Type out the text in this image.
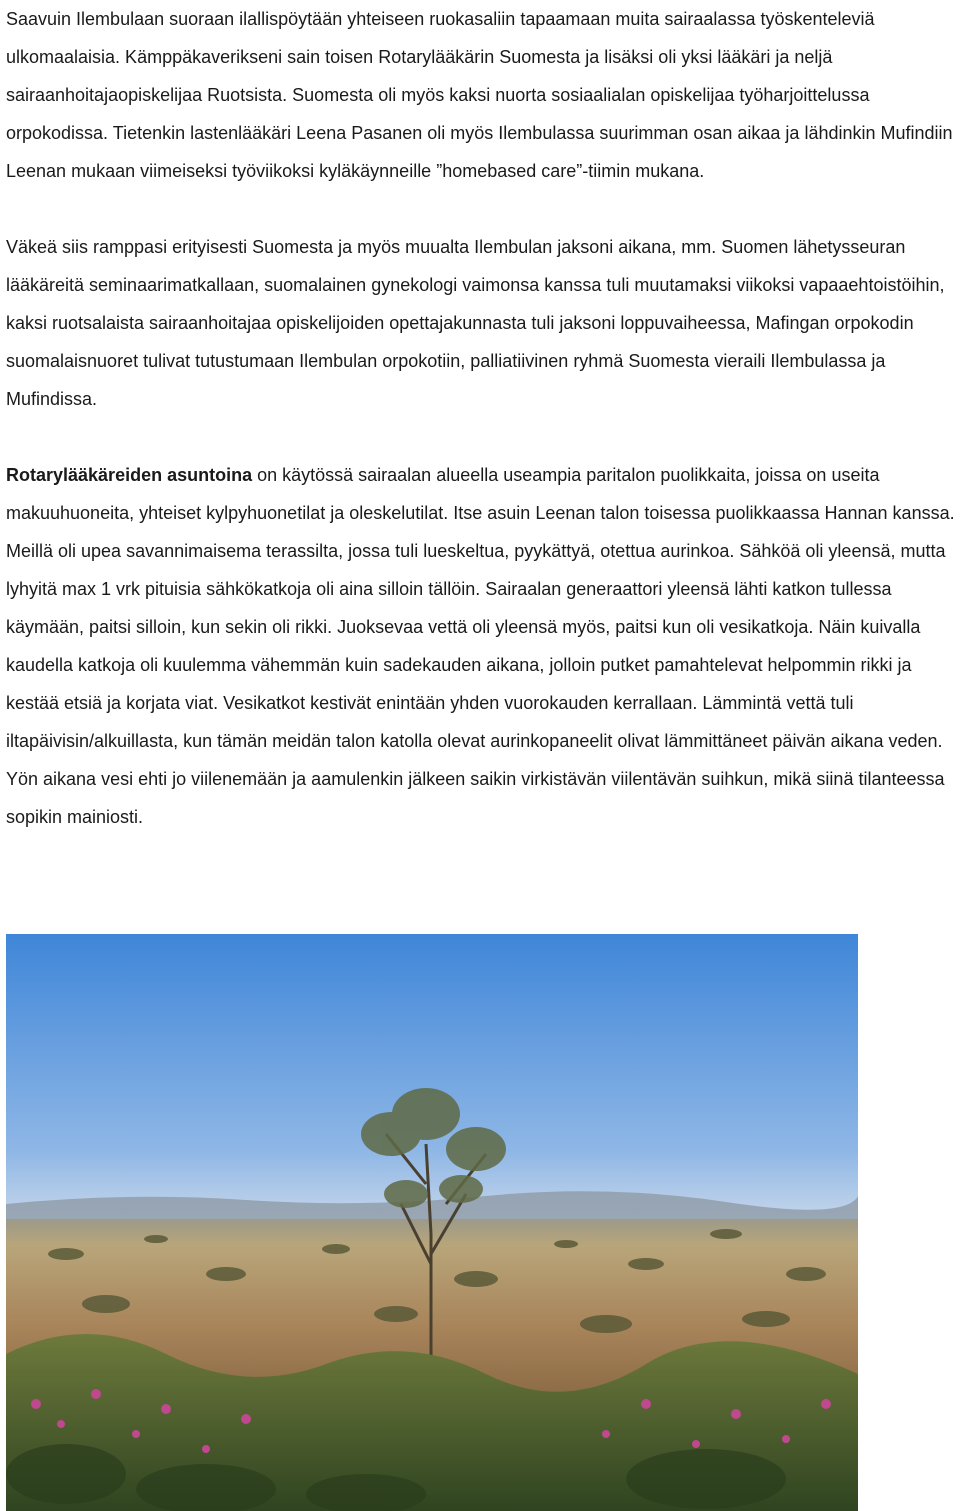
Saavuin Ilembulaan suoraan ilallispöytään yhteiseen ruokasaliin tapaamaan muita sairaalassa työskenteleviä ulkomaalaisia. Kämppäkaverikseni sain toisen Rotarylääkärin Suomesta ja lisäksi oli yksi lääkäri ja neljä sairaanhoitajaopiskelijaa Ruotsista. Suomesta oli myös kaksi nuorta sosiaalialan opiskelijaa työharjoittelussa orpokodissa. Tietenkin lastenlääkäri Leena Pasanen oli myös Ilembulassa suurimman osan aikaa ja lähdinkin Mufindiin Leenan mukaan viimeiseksi työviikoksi kyläkäynneille ”homebased care”-tiimin mukana.

Väkeä siis ramppasi erityisesti Suomesta ja myös muualta Ilembulan jaksoni aikana, mm. Suomen lähetysseuran lääkäreitä seminaarimatkallaan, suomalainen gynekologi vaimonsa kanssa tuli muutamaksi viikoksi vapaaehtoistöihin, kaksi ruotsalaista sairaanhoitajaa opiskelijoiden opettajakunnasta tuli jaksoni loppuvaiheessa, Mafingan orpokodin suomalaisnuoret tulivat tutustumaan Ilembulan orpokotiin, palliatiivinen ryhmä Suomesta vieraili Ilembulassa ja Mufindissa.

Rotarylääkäreiden asuntoina on käytössä sairaalan alueella useampia paritalon puolikkaita, joissa on useita makuuhuoneita, yhteiset kylpyhuonetilat ja oleskelutilat. Itse asuin Leenan talon toisessa puolikkaassa Hannan kanssa. Meillä oli upea savannimaisema terassilta, jossa tuli lueskeltua, pyykättyä, otettua aurinkoa. Sähköä oli yleensä, mutta lyhyitä max 1 vrk pituisia sähkökatkoja oli aina silloin tällöin. Sairaalan generaattori yleensä lähti katkon tullessa käymään, paitsi silloin, kun sekin oli rikki. Juoksevaa vettä oli yleensä myös, paitsi kun oli vesikatkoja. Näin kuivalla kaudella katkoja oli kuulemma vähemmän kuin sadekauden aikana, jolloin putket pamahtelevat helpommin rikki ja kestää etsiä ja korjata viat. Vesikatkot kestivät enintään yhden vuorokauden kerrallaan. Lämmintä vettä tuli iltapäivisin/alkuillasta, kun tämän meidän talon katolla olevat aurinkopaneelit olivat lämmittäneet päivän aikana veden. Yön aikana vesi ehti jo viilenemään ja aamulenkin jälkeen saikin virkistävän viilentävän suihkun, mikä siinä tilanteessa sopikin mainiosti.
